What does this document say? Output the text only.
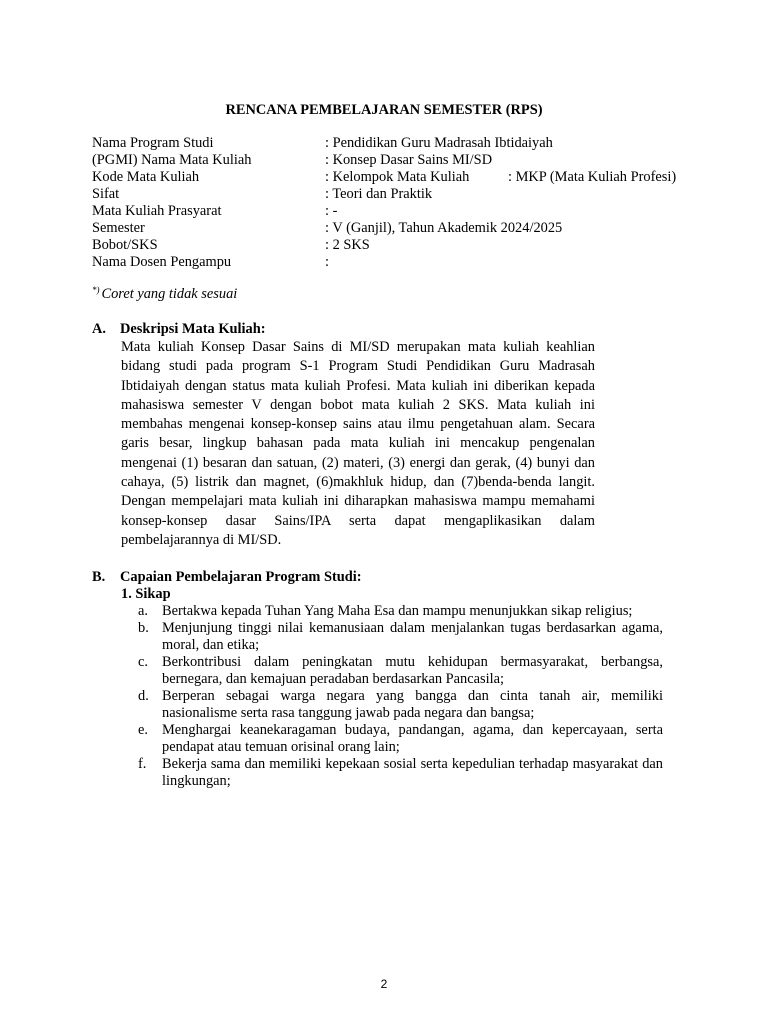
RENCANA PEMBELAJARAN SEMESTER (RPS)
Nama Program Studi	: Pendidikan Guru Madrasah Ibtidaiyah
(PGMI) Nama Mata Kuliah	: Konsep Dasar Sains MI/SD
Kode Mata Kuliah	: Kelompok Mata Kuliah	: MKP (Mata Kuliah Profesi)
Sifat	: Teori dan Praktik
Mata Kuliah Prasyarat	: -
Semester	: V (Ganjil), Tahun Akademik 2024/2025
Bobot/SKS	: 2 SKS
Nama Dosen Pengampu	:
*) Coret yang tidak sesuai
A. Deskripsi Mata Kuliah:
Mata kuliah Konsep Dasar Sains di MI/SD merupakan mata kuliah keahlian bidang studi pada program S-1 Program Studi Pendidikan Guru Madrasah Ibtidaiyah dengan status mata kuliah Profesi. Mata kuliah ini diberikan kepada mahasiswa semester V dengan bobot mata kuliah 2 SKS. Mata kuliah ini membahas mengenai konsep-konsep sains atau ilmu pengetahuan alam. Secara garis besar, lingkup bahasan pada mata kuliah ini mencakup pengenalan mengenai (1) besaran dan satuan, (2) materi, (3) energi dan gerak, (4) bunyi dan cahaya, (5) listrik dan magnet, (6)makhluk hidup, dan (7)benda-benda langit. Dengan mempelajari mata kuliah ini diharapkan mahasiswa mampu memahami konsep-konsep dasar Sains/IPA serta dapat mengaplikasikan dalam pembelajarannya di MI/SD.
B. Capaian Pembelajaran Program Studi:
1. Sikap
a. Bertakwa kepada Tuhan Yang Maha Esa dan mampu menunjukkan sikap religius;
b. Menjunjung tinggi nilai kemanusiaan dalam menjalankan tugas berdasarkan agama, moral, dan etika;
c. Berkontribusi dalam peningkatan mutu kehidupan bermasyarakat, berbangsa, bernegara, dan kemajuan peradaban berdasarkan Pancasila;
d. Berperan sebagai warga negara yang bangga dan cinta tanah air, memiliki nasionalisme serta rasa tanggung jawab pada negara dan bangsa;
e. Menghargai keanekaragaman budaya, pandangan, agama, dan kepercayaan, serta pendapat atau temuan orisinal orang lain;
f. Bekerja sama dan memiliki kepekaan sosial serta kepedulian terhadap masyarakat dan lingkungan;
2
